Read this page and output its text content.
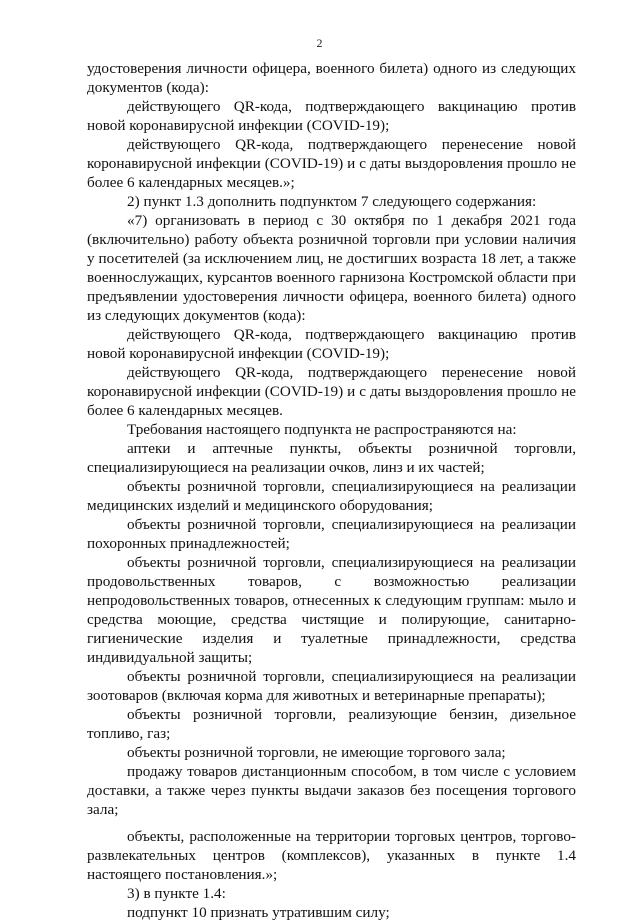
2
удостоверения личности офицера, военного билета) одного из следующих
документов (кода):
действующего QR-кода, подтверждающего вакцинацию против
новой коронавирусной инфекции (COVID-19);
действующего QR-кода, подтверждающего перенесение новой
коронавирусной инфекции (COVID-19) и с даты выздоровления прошло не
более 6 календарных месяцев.»;
2) пункт 1.3 дополнить подпунктом 7 следующего содержания:
«7) организовать в период с 30 октября по 1 декабря 2021 года
(включительно) работу объекта розничной торговли при условии наличия
у посетителей (за исключением лиц, не достигших возраста 18 лет, а также
военнослужащих, курсантов военного гарнизона Костромской области при
предъявлении удостоверения личности офицера, военного билета) одного
из следующих документов (кода):
действующего QR-кода, подтверждающего вакцинацию против
новой коронавирусной инфекции (COVID-19);
действующего QR-кода, подтверждающего перенесение новой
коронавирусной инфекции (COVID-19) и с даты выздоровления прошло не
более 6 календарных месяцев.
Требования настоящего подпункта не распространяются на:
аптеки и аптечные пункты, объекты розничной торговли,
специализирующиеся на реализации очков, линз и их частей;
объекты розничной торговли, специализирующиеся на реализации
медицинских изделий и медицинского оборудования;
объекты розничной торговли, специализирующиеся на реализации
похоронных принадлежностей;
объекты розничной торговли, специализирующиеся на реализации
продовольственных товаров, с возможностью реализации
непродовольственных товаров, отнесенных к следующим группам: мыло и
средства моющие, средства чистящие и полирующие, санитарно-
гигиенические изделия и туалетные принадлежности, средства
индивидуальной защиты;
объекты розничной торговли, специализирующиеся на реализации
зоотоваров (включая корма для животных и ветеринарные препараты);
объекты розничной торговли, реализующие бензин, дизельное
топливо, газ;
объекты розничной торговли, не имеющие торгового зала;
продажу товаров дистанционным способом, в том числе с условием
доставки, а также через пункты выдачи заказов без посещения торгового
зала;
объекты, расположенные на территории торговых центров, торгово-
развлекательных центров (комплексов), указанных в пункте 1.4
настоящего постановления.»;
3) в пункте 1.4:
подпункт 10 признать утратившим силу;
